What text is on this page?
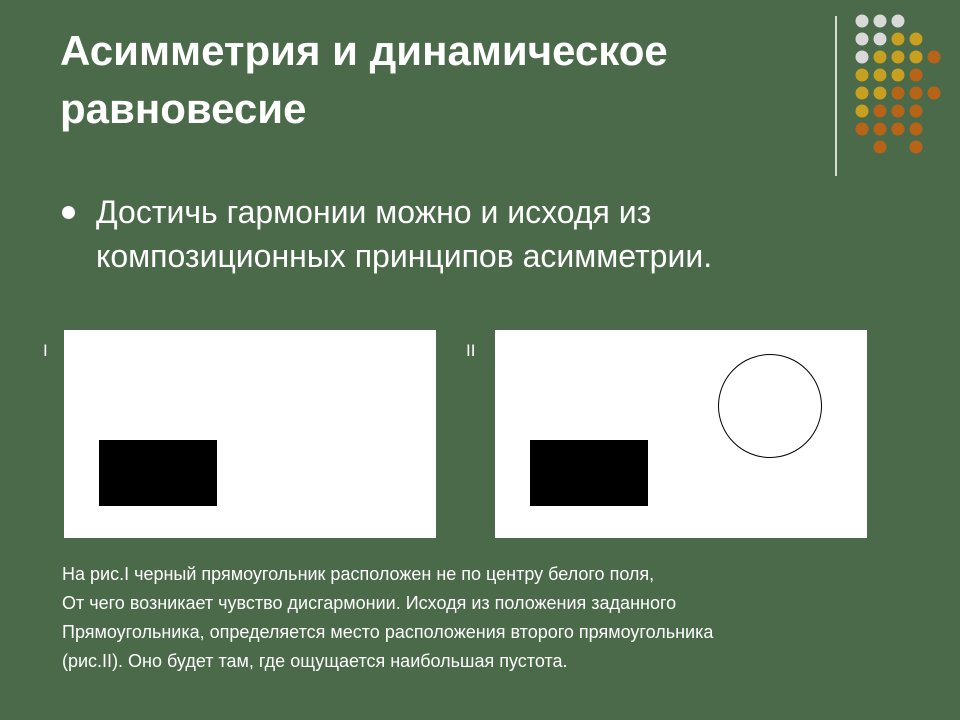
Асимметрия и динамическое
равновесие
Достичь гармонии можно и исходя из
композиционных принципов асимметрии.
I	II
На рис.I черный прямоугольник расположен не по центру белого поля,
От чего возникает чувство дисгармонии. Исходя из положения заданного
Прямоугольника, определяется место расположения второго прямоугольника
(рис.II). Оно будет там, где ощущается наибольшая пустота.
